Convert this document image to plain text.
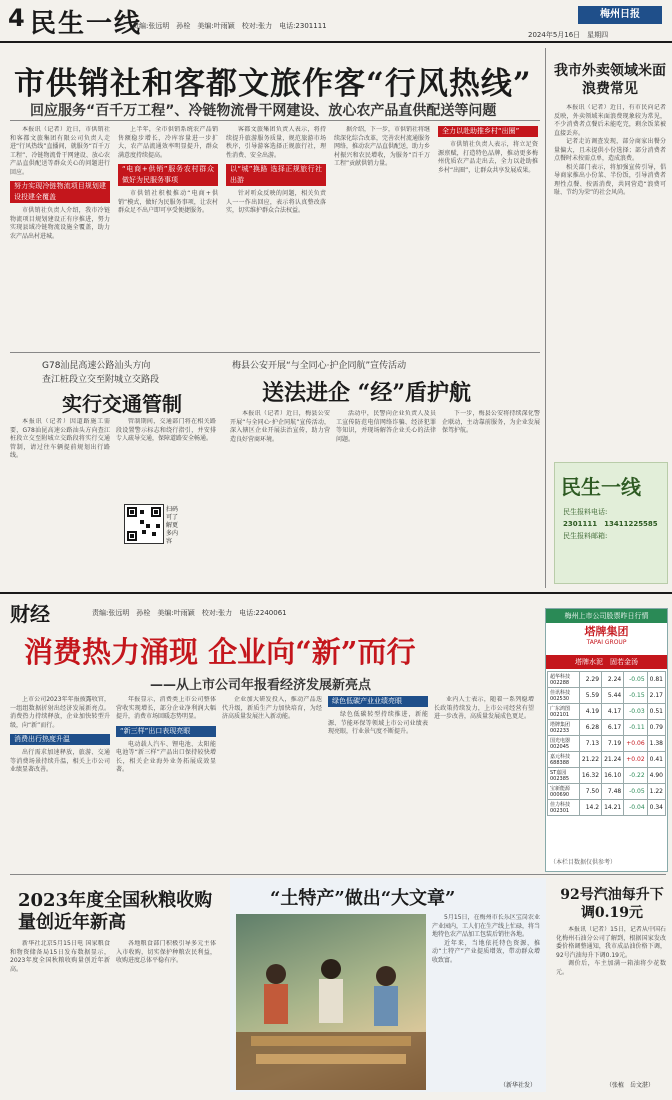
4 民生一线
责编:张远明　孙栓　美编:叶雨颖　校对:张力　电话:2301111
梅州日报
2024年5月16日　星期四
市供销社和客都文旅作客“行风热线”
回应服务“百千万工程”、冷链物流骨干网建设、放心农产品直供配送等问题

本报讯（记者）近日，市供销社和客都文旅集团有限公司负责人走进“行风热线”直播间，就服务“百千万工程”、冷链物流骨干网建设、放心农产品直供配送等群众关心的问题进行回应。

努力实现冷链物流项目规划建设投建全覆盖

市供销社负责人介绍，我市冷链物流项目规划建设正有序推进，努力实现县域冷链物流设施全覆盖，助力农产品出村进城。

上半年，全市供销系统农产品销售额稳步增长，冷库容量进一步扩大，农产品流通效率明显提升，群众满意度持续提高。

“电商+供销”服务农村群众 做好为民服务事项

市供销社积极推动“电商+供销”模式，做好为民服务事项，让农村群众足不出户即可享受便捷服务。

客都文旅集团负责人表示，将持续提升旅游服务质量，规范旅游市场秩序，引导游客选择正规旅行社，理性消费、安全出游。

以“城”换路 选择正规旅行社出游

针对听众反映的问题，相关负责人一一作出回应，表示将认真整改落实，切实维护群众合法权益。

据介绍，下一步，市供销社将继续深化综合改革，完善农村流通服务网络，推动农产品直供配送，助力乡村振兴和农民增收，为服务“百千万工程”贡献供销力量。

全力以赴助推乡村“出圈”

市供销社负责人表示，将立足资源禀赋，打造特色品牌，推动更多梅州优质农产品走出去，全力以赴助推乡村“出圈”，让群众共享发展成果。

我市外卖领域米面浪费常见

本报讯（记者）近日，有市民向记者反映，外卖领域米面浪费现象较为常见，不少消费者点餐后未能吃完，剩余饭菜被直接丢弃。

记者走访调查发现，部分商家出餐分量偏大，且未提供小份选择；部分消费者点餐时未按需点单，造成浪费。

相关部门表示，将加强宣传引导，倡导商家推出小份菜、半份饭，引导消费者理性点餐、按需消费，共同营造“浪费可耻、节约为荣”的社会风尚。

民生一线
民生报料电话:
2301111　13411225585
民生报料邮箱:
G78汕昆高速公路汕头方向
查江桩段立交至附城立交路段
实行交通管制

本报讯（记者）因道路施工需要，G78汕昆高速公路汕头方向查江桩段立交至附城立交路段将实行交通管制，请过往车辆提前规划出行路线。

管制期间，交通部门将在相关路段设置警示标志和绕行指引，并安排专人疏导交通，保障道路安全畅通。

扫码可了解更多内容
梅县公安开展“与全同心·护企同航”宣传活动
送法进企 “经”盾护航

本报讯（记者）近日，梅县公安开展“与全同心·护企同航”宣传活动，深入辖区企业开展法治宣传，助力营造良好营商环境。

活动中，民警向企业负责人及员工宣传防范电信网络诈骗、经济犯罪等知识，并现场解答企业关心的法律问题。

下一步，梅县公安将持续深化警企联动，主动靠前服务，为企业发展保驾护航。

财经	责编:张远明　孙栓　美编:叶雨颖　校对:张力　电话:2240061
消费热力涌现 企业向“新”而行
——从上市公司年报看经济发展新亮点

上市公司2023年年报披露收官，一组组数据折射出经济发展新亮点。消费热力持续释放，企业加快转型升级，向“新”而行。

消费出行热度升温

出行需求加速释放，旅游、交通等消费场景持续升温，相关上市公司业绩显著改善。

年报显示，消费类上市公司整体营收实现增长，部分企业净利润大幅提升，消费市场回暖态势明显。

“新三样”出口表现亮眼

电动载人汽车、锂电池、太阳能电池等“新三样”产品出口保持较快增长，相关企业海外业务拓展成效显著。

企业加大研发投入，推动产品迭代升级，新质生产力加快培育，为经济高质量发展注入新动能。

绿色低碳产业业绩亮眼

绿色低碳转型持续推进，新能源、节能环保等领域上市公司业绩表现亮眼，行业景气度不断提升。

业内人士表示，随着一系列稳增长政策持续发力，上市公司经营有望进一步改善，高质量发展成色更足。

梅州上市公司股票昨日行情
塔牌集团
TAPAI GROUP
塔牌水泥　固若金汤
超华科技 002288	2.29	2.24	-0.05	0.81
佳讯科技 002530	5.59	5.44	-0.15	2.17
广东鸿图 002101	4.19	4.17	-0.03	0.51
塔牌集团 002233	6.28	6.17	-0.11	0.79
国光电器 002045	7.13	7.19	+0.06	1.38
嘉元科技 688388	21.22	21.24	+0.02	0.41
ST嘉园 002385	16.32	16.10	-0.22	4.90
宝新能源 000690	7.50	7.48	-0.05	1.22
佳力科技 002301	14.2	14.21	-0.04	0.34
（本栏目数据仅供参考）
2023年度全国秋粮收购量创近年新高

新华社北京5月15日电 国家粮食和物资储备局15日发布数据显示，2023年度全国秋粮收购量创近年新高。

各地粮食部门积极引导多元主体入市收购，切实保护种粮农民利益，收购进度总体平稳有序。

“土特产”做出“大文章”

5月15日，在梅州市长乐区宝岗农业产业园内，工人们在生产线上忙碌，将当地特色农产品加工包装后销往各地。

近年来，当地依托特色资源，推动“土特产”产业提质增效，带动群众增收致富。

（新华社发）
92号汽油每升下调0.19元

本报讯（记者）15日，记者从中国石化梅州石油分公司了解到，根据国家发改委价格调整通知，我市成品油价格下调，92号汽油每升下调0.19元。

调价后，车主加满一箱油将少花数元。

（张植　岳文湛）
